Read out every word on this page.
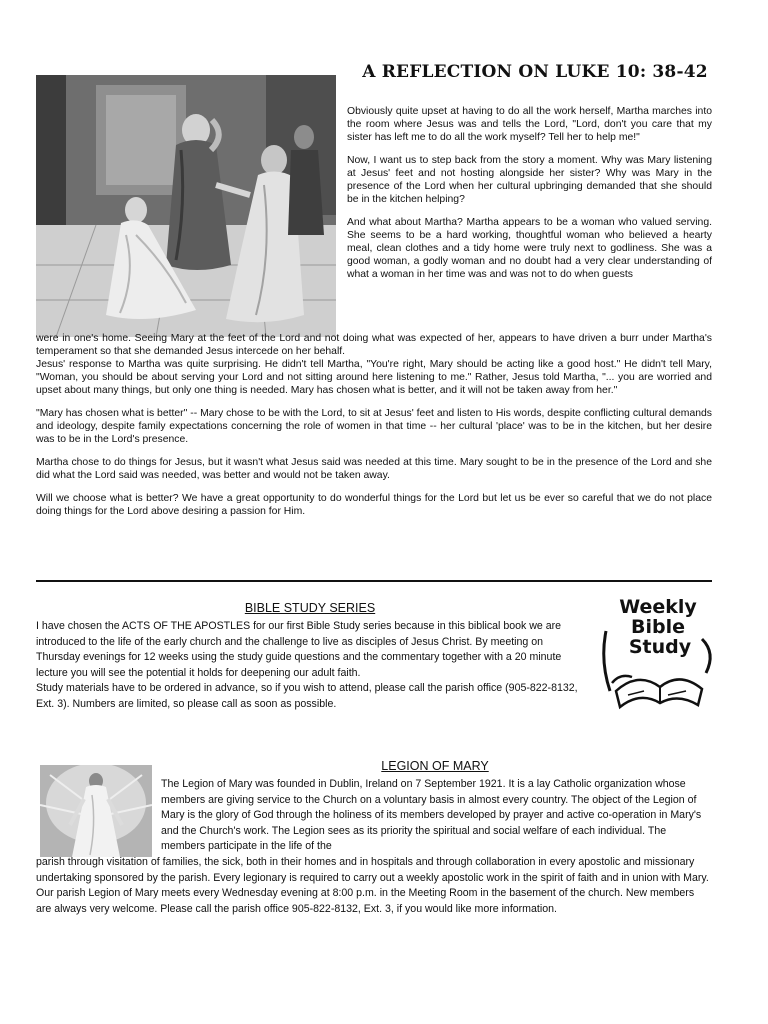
A REFLECTION ON LUKE 10: 38-42

Obviously quite upset at having to do all the work herself, Martha marches into the room where Jesus was and tells the Lord, "Lord, don't you care that my sister has left me to do all the work myself? Tell her to help me!"

Now, I want us to step back from the story a moment. Why was Mary listening at Jesus' feet and not hosting alongside her sister? Why was Mary in the presence of the Lord when her cultural upbringing demanded that she should be in the kitchen helping?

And what about Martha? Martha appears to be a woman who valued serving. She seems to be a hard working, thoughtful woman who believed a hearty meal, clean clothes and a tidy home were truly next to godliness. She was a good woman, a godly woman and no doubt had a very clear understanding of what a woman in her time was and was not to do when guests

were in one's home. Seeing Mary at the feet of the Lord and not doing what was expected of her, appears to have driven a burr under Martha's temperament so that she demanded Jesus intercede on her behalf.

Jesus' response to Martha was quite surprising. He didn't tell Martha, "You're right, Mary should be acting like a good host." He didn't tell Mary, "Woman, you should be about serving your Lord and not sitting around here listening to me." Rather, Jesus told Martha, "... you are worried and upset about many things, but only one thing is needed. Mary has chosen what is better, and it will not be taken away from her."

"Mary has chosen what is better" -- Mary chose to be with the Lord, to sit at Jesus' feet and listen to His words, despite conflicting cultural demands and ideology, despite family expectations concerning the role of women in that time -- her cultural 'place' was to be in the kitchen, but her desire was to be in the Lord's presence.

Martha chose to do things for Jesus, but it wasn't what Jesus said was needed at this time. Mary sought to be in the presence of the Lord and she did what the Lord said was needed, was better and would not be taken away.

Will we choose what is better? We have a great opportunity to do wonderful things for the Lord but let us be ever so careful that we do not place doing things for the Lord above desiring a passion for Him.

BIBLE STUDY SERIES

I have chosen the ACTS OF THE APOSTLES for our first Bible Study series because in this biblical book we are introduced to the life of the early church and the challenge to live as disciples of Jesus Christ. By meeting on Thursday evenings for 12 weeks using the study guide questions and the commentary together with a 20 minute lecture you will see the potential it holds for deepening our adult faith.

Study materials have to be ordered in advance, so if you wish to attend, please call the parish office (905-822-8132, Ext. 3). Numbers are limited, so please call as soon as possible.

Weekly
Bible
Study
LEGION OF MARY

The Legion of Mary was founded in Dublin, Ireland on 7 September 1921. It is a lay Catholic organization whose members are giving service to the Church on a voluntary basis in almost every country. The object of the Legion of Mary is the glory of God through the holiness of its members developed by prayer and active co-operation in Mary's and the Church's work. The Legion sees as its priority the spiritual and social welfare of each individual. The members participate in the life of the

parish through visitation of families, the sick, both in their homes and in hospitals and through collaboration in every apostolic and missionary undertaking sponsored by the parish. Every legionary is required to carry out a weekly apostolic work in the spirit of faith and in union with Mary.

Our parish Legion of Mary meets every Wednesday evening at 8:00 p.m. in the Meeting Room in the basement of the church. New members are always very welcome. Please call the parish office 905-822-8132, Ext. 3, if you would like more information.
